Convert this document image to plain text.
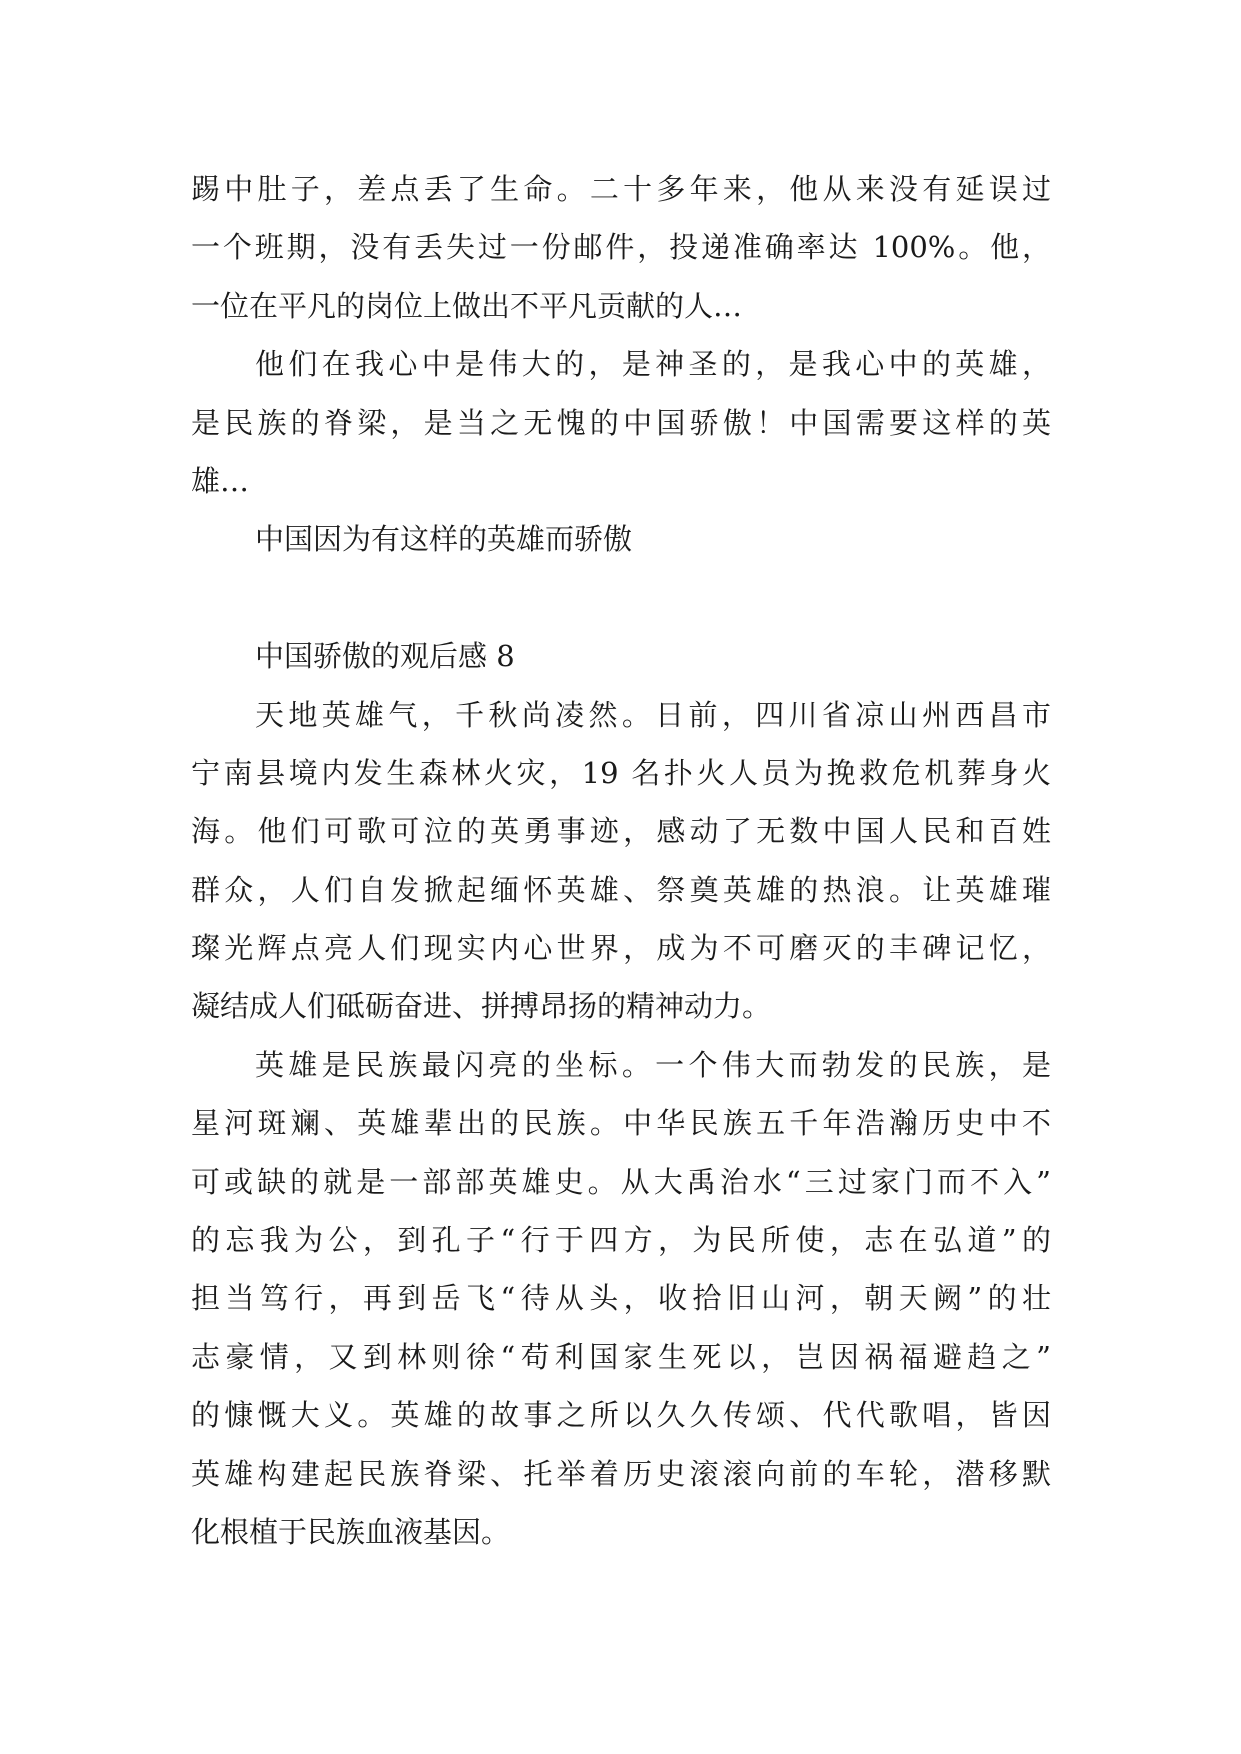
踢中肚子，差点丢了生命。二十多年来，他从来没有延误过
一个班期，没有丢失过一份邮件，投递准确率达 100%。他，
一位在平凡的岗位上做出不平凡贡献的人…
他们在我心中是伟大的，是神圣的，是我心中的英雄，
是民族的脊梁，是当之无愧的中国骄傲！中国需要这样的英
雄…
中国因为有这样的英雄而骄傲
中国骄傲的观后感 8
天地英雄气，千秋尚凌然。日前，四川省凉山州西昌市
宁南县境内发生森林火灾，19 名扑火人员为挽救危机葬身火
海。他们可歌可泣的英勇事迹，感动了无数中国人民和百姓
群众，人们自发掀起缅怀英雄、祭奠英雄的热浪。让英雄璀
璨光辉点亮人们现实内心世界，成为不可磨灭的丰碑记忆，
凝结成人们砥砺奋进、拼搏昂扬的精神动力。
英雄是民族最闪亮的坐标。一个伟大而勃发的民族，是
星河斑斓、英雄辈出的民族。中华民族五千年浩瀚历史中不
可或缺的就是一部部英雄史。从大禹治水“三过家门而不入”
的忘我为公，到孔子“行于四方，为民所使，志在弘道”的
担当笃行，再到岳飞“待从头，收拾旧山河，朝天阙”的壮
志豪情，又到林则徐“苟利国家生死以，岂因祸福避趋之”
的慷慨大义。英雄的故事之所以久久传颂、代代歌唱，皆因
英雄构建起民族脊梁、托举着历史滚滚向前的车轮，潜移默
化根植于民族血液基因。
